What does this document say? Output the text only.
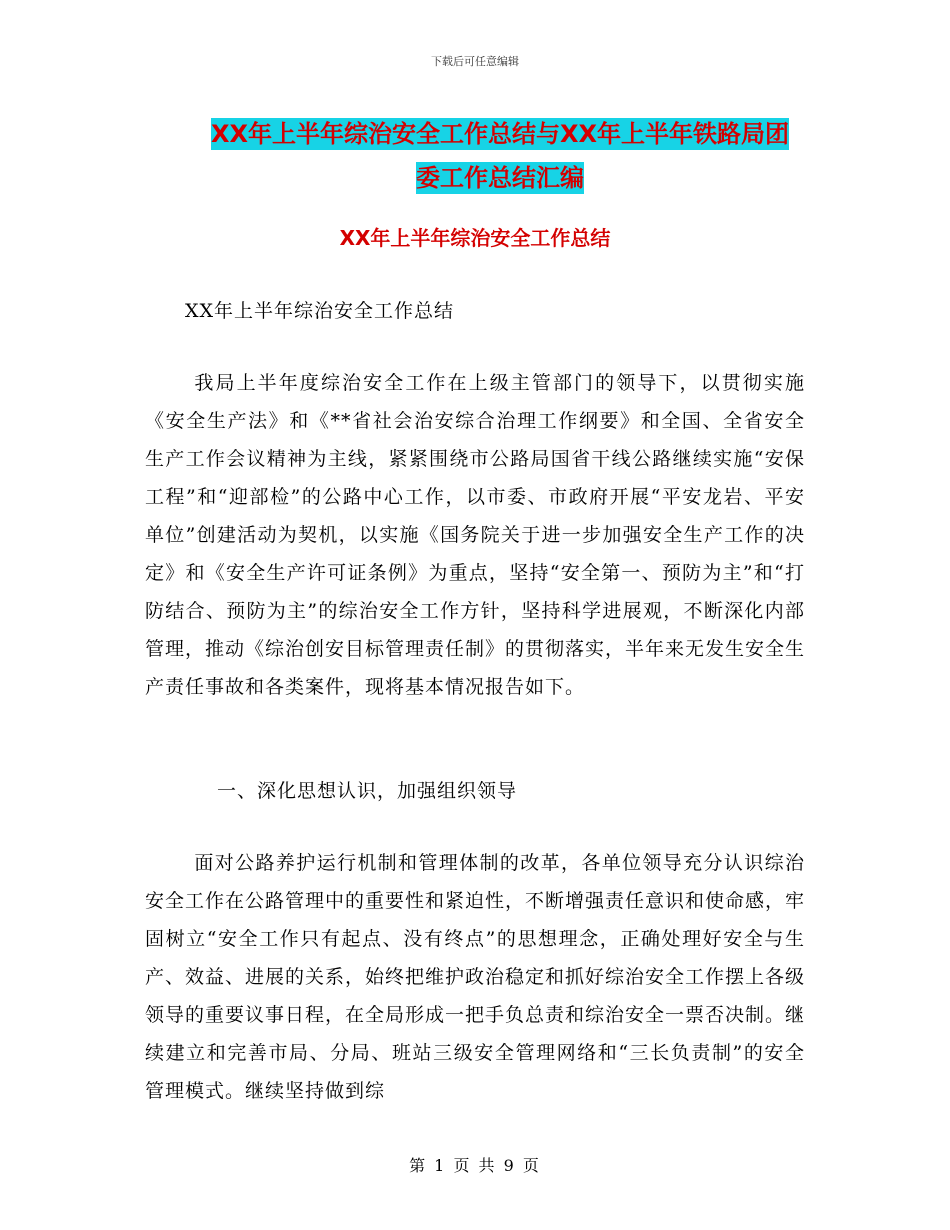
下载后可任意编辑
XX年上半年综治安全工作总结与XX年上半年铁路局团
委工作总结汇编
XX年上半年综治安全工作总结
XX年上半年综治安全工作总结
我局上半年度综治安全工作在上级主管部门的领导下，以贯彻实施《安全生产法》和《**省社会治安综合治理工作纲要》和全国、全省安全生产工作会议精神为主线，紧紧围绕市公路局国省干线公路继续实施“安保工程”和“迎部检”的公路中心工作，以市委、市政府开展“平安龙岩、平安单位”创建活动为契机，以实施《国务院关于进一步加强安全生产工作的决定》和《安全生产许可证条例》为重点，坚持“安全第一、预防为主”和“打防结合、预防为主”的综治安全工作方针，坚持科学进展观，不断深化内部管理，推动《综治创安目标管理责任制》的贯彻落实，半年来无发生安全生产责任事故和各类案件，现将基本情况报告如下。
一、深化思想认识，加强组织领导
面对公路养护运行机制和管理体制的改革，各单位领导充分认识综治安全工作在公路管理中的重要性和紧迫性，不断增强责任意识和使命感，牢固树立“安全工作只有起点、没有终点”的思想理念，正确处理好安全与生产、效益、进展的关系，始终把维护政治稳定和抓好综治安全工作摆上各级领导的重要议事日程，在全局形成一把手负总责和综治安全一票否决制。继续建立和完善市局、分局、班站三级安全管理网络和“三长负责制”的安全管理模式。继续坚持做到综
第 1 页 共 9 页
